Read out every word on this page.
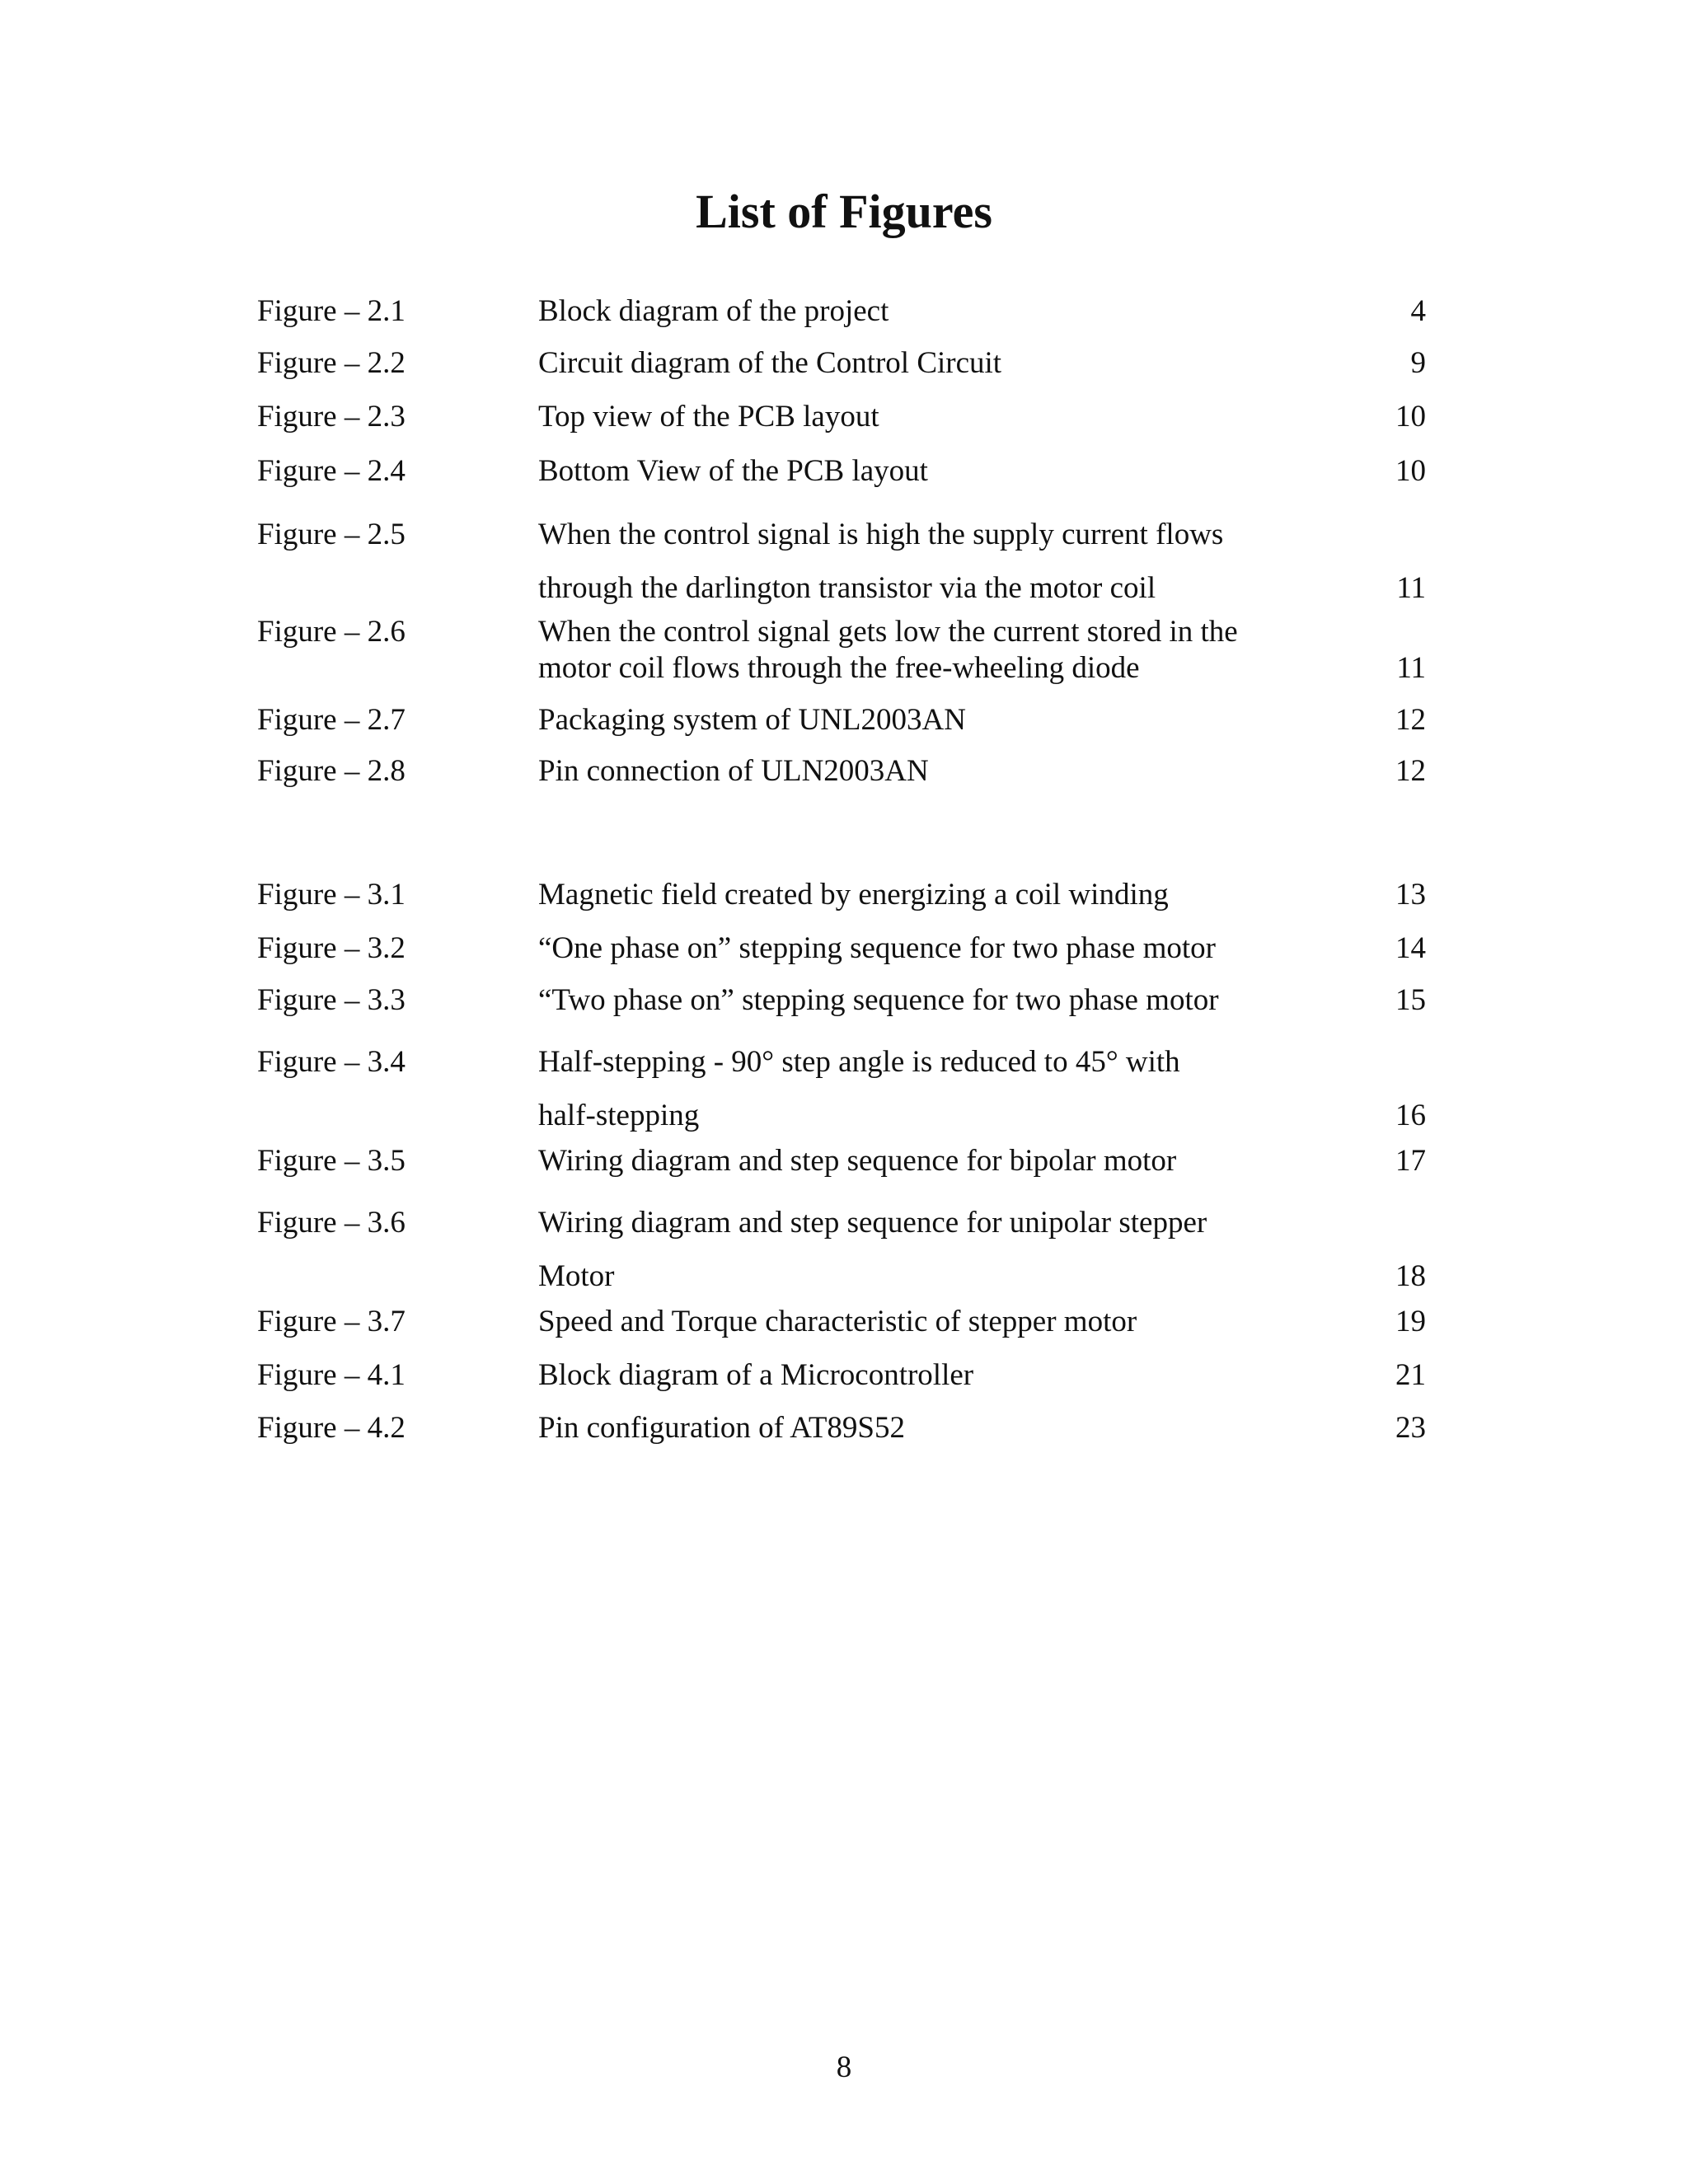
List of Figures
Figure – 2.1	Block diagram of the project	4
Figure – 2.2	Circuit diagram of the Control Circuit	9
Figure – 2.3	Top view of the PCB layout	10
Figure – 2.4	Bottom View of the PCB layout	10
Figure – 2.5	When the control signal is high the supply current flows
through the darlington transistor via the motor coil	11
Figure – 2.6	When the control signal gets low the current stored in the
motor coil flows through the free-wheeling diode	11
Figure – 2.7	Packaging system of UNL2003AN	12
Figure – 2.8	Pin connection of ULN2003AN	12
Figure – 3.1	Magnetic field created by energizing a coil winding	13
Figure – 3.2	“One phase on” stepping sequence for two phase motor	14
Figure – 3.3	“Two phase on” stepping sequence for two phase motor	15
Figure – 3.4	Half-stepping - 90° step angle is reduced to 45° with
half-stepping	16
Figure – 3.5	Wiring diagram and step sequence for bipolar motor	17
Figure – 3.6	Wiring diagram and step sequence for unipolar stepper
Motor	18
Figure – 3.7	Speed and Torque characteristic of stepper motor	19
Figure – 4.1	Block diagram of a Microcontroller	21
Figure – 4.2	Pin configuration of AT89S52	23
8
